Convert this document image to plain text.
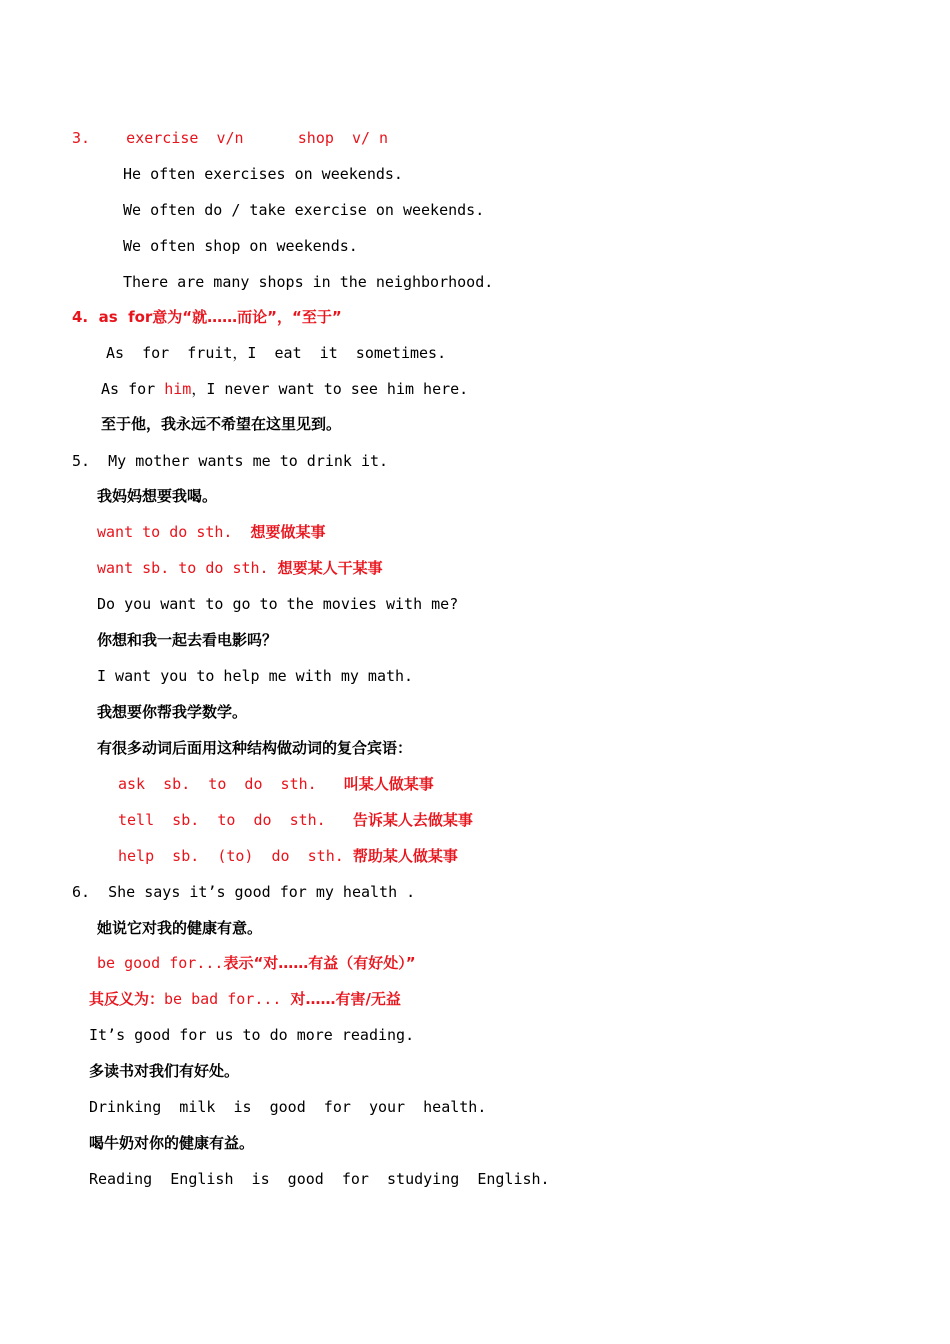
3.    exercise  v/n      shop  v/ n
He often exercises on weekends.
We often do / take exercise on weekends.
We often shop on weekends.
There are many shops in the neighborhood.
4.  as  for意为“就……而论”，“至于”
As  for  fruit，I  eat  it  sometimes.
As for him，I never want to see him here.
至于他，我永远不希望在这里见到。
5.  My mother wants me to drink it.
我妈妈想要我喝。
want to do sth.  想要做某事
want sb. to do sth. 想要某人干某事
Do you want to go to the movies with me?
你想和我一起去看电影吗？
I want you to help me with my math.
我想要你帮我学数学。
有很多动词后面用这种结构做动词的复合宾语：
ask  sb.  to  do  sth.   叫某人做某事
tell  sb.  to  do  sth.   告诉某人去做某事
help  sb.  (to)  do  sth. 帮助某人做某事
6.  She says it’s good for my health .
她说它对我的健康有意。
be good for...表示“对……有益（有好处）”
其反义为：be bad for... 对……有害/无益
It’s good for us to do more reading.
多读书对我们有好处。
Drinking  milk  is  good  for  your  health.
喝牛奶对你的健康有益。
Reading  English  is  good  for  studying  English.
